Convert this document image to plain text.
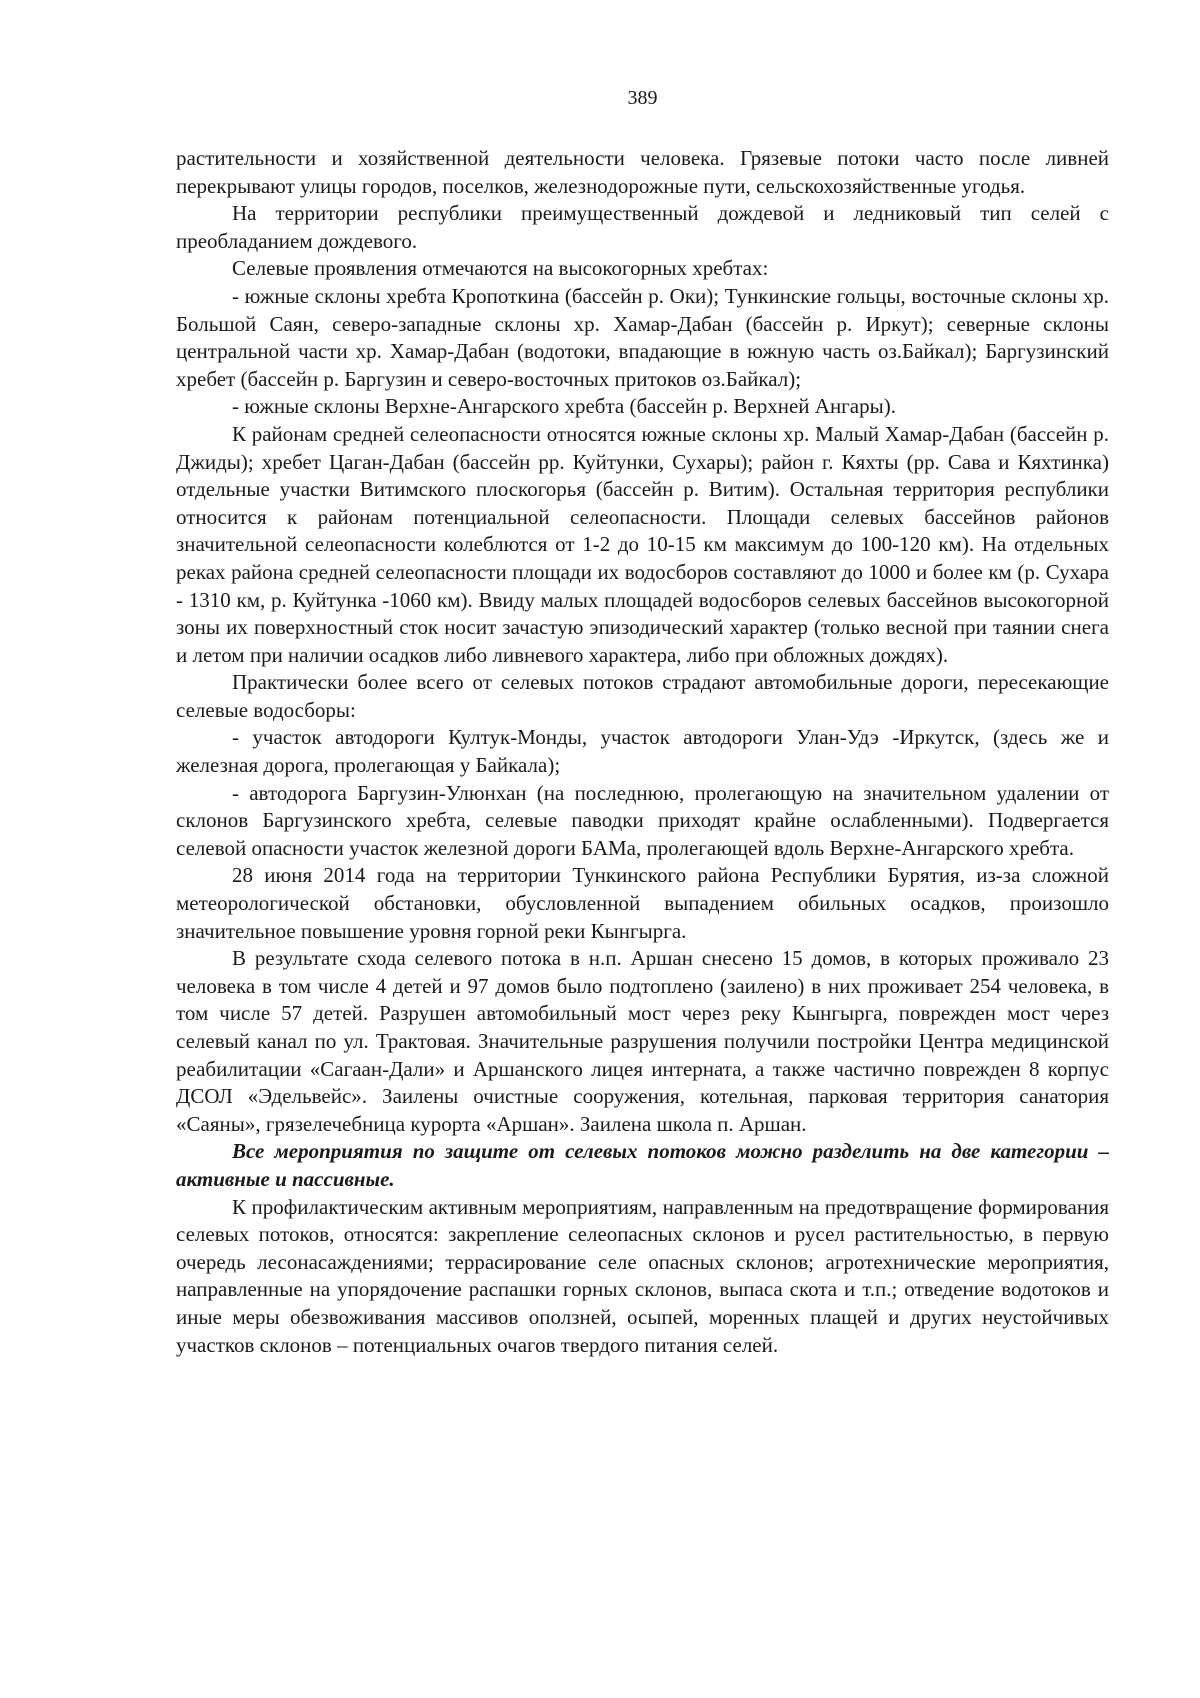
389

растительности и хозяйственной деятельности человека. Грязевые потоки часто после ливней перекрывают улицы городов, поселков, железнодорожные пути, сельскохозяйственные угодья.

На территории республики преимущественный дождевой и ледниковый тип селей с преобладанием дождевого.

Селевые проявления отмечаются на высокогорных хребтах:

- южные склоны хребта Кропоткина (бассейн р. Оки); Тункинские гольцы, восточные склоны хр. Большой Саян, северо-западные склоны хр. Хамар-Дабан (бассейн р. Иркут); северные склоны центральной части хр. Хамар-Дабан (водотоки, впадающие в южную часть оз.Байкал); Баргузинский хребет (бассейн р. Баргузин и северо-восточных притоков оз.Байкал);

- южные склоны Верхне-Ангарского хребта (бассейн р. Верхней Ангары).

К районам средней селеопасности относятся южные склоны хр. Малый Хамар-Дабан (бассейн р. Джиды); хребет Цаган-Дабан (бассейн рр. Куйтунки, Сухары); район г. Кяхты (рр. Сава и Кяхтинка) отдельные участки Витимского плоскогорья (бассейн р. Витим). Остальная территория республики относится к районам потенциальной селеопасности. Площади селевых бассейнов районов значительной селеопасности колеблются от 1-2 до 10-15 км максимум до 100-120 км). На отдельных реках района средней селеопасности площади их водосборов составляют до 1000 и более км (р. Сухара - 1310 км, р. Куйтунка -1060 км). Ввиду малых площадей водосборов селевых бассейнов высокогорной зоны их поверхностный сток носит зачастую эпизодический характер (только весной при таянии снега и летом при наличии осадков либо ливневого характера, либо при обложных дождях).

Практически более всего от селевых потоков страдают автомобильные дороги, пересекающие селевые водосборы:

- участок автодороги Култук-Монды, участок автодороги Улан-Удэ -Иркутск, (здесь же и железная дорога, пролегающая у Байкала);

- автодорога Баргузин-Улюнхан (на последнюю, пролегающую на значительном удалении от склонов Баргузинского хребта, селевые паводки приходят крайне ослабленными). Подвергается селевой опасности участок железной дороги БАМа, пролегающей вдоль Верхне-Ангарского хребта.

28 июня 2014 года на территории Тункинского района Республики Бурятия, из-за сложной метеорологической обстановки, обусловленной выпадением обильных осадков, произошло значительное повышение уровня горной реки Кынгырга.

В результате схода селевого потока в н.п. Аршан снесено 15 домов, в которых проживало 23 человека в том числе 4 детей и 97 домов было подтоплено (заилено) в них проживает 254 человека, в том числе 57 детей. Разрушен автомобильный мост через реку Кынгырга, поврежден мост через селевый канал по ул. Трактовая. Значительные разрушения получили постройки Центра медицинской реабилитации «Сагаан-Дали» и Аршанского лицея интерната, а также частично поврежден 8 корпус ДСОЛ «Эдельвейс». Заилены очистные сооружения, котельная, парковая территория санатория «Саяны», грязелечебница курорта «Аршан». Заилена школа п. Аршан.

Все мероприятия по защите от селевых потоков можно разделить на две категории – активные и пассивные.

К профилактическим активным мероприятиям, направленным на предотвращение формирования селевых потоков, относятся: закрепление селеопасных склонов и русел растительностью, в первую очередь лесонасаждениями; террасирование селе опасных склонов; агротехнические мероприятия, направленные на упорядочение распашки горных склонов, выпаса скота и т.п.; отведение водотоков и иные меры обезвоживания массивов оползней, осыпей, моренных плащей и других неустойчивых участков склонов – потенциальных очагов твердого питания селей.
